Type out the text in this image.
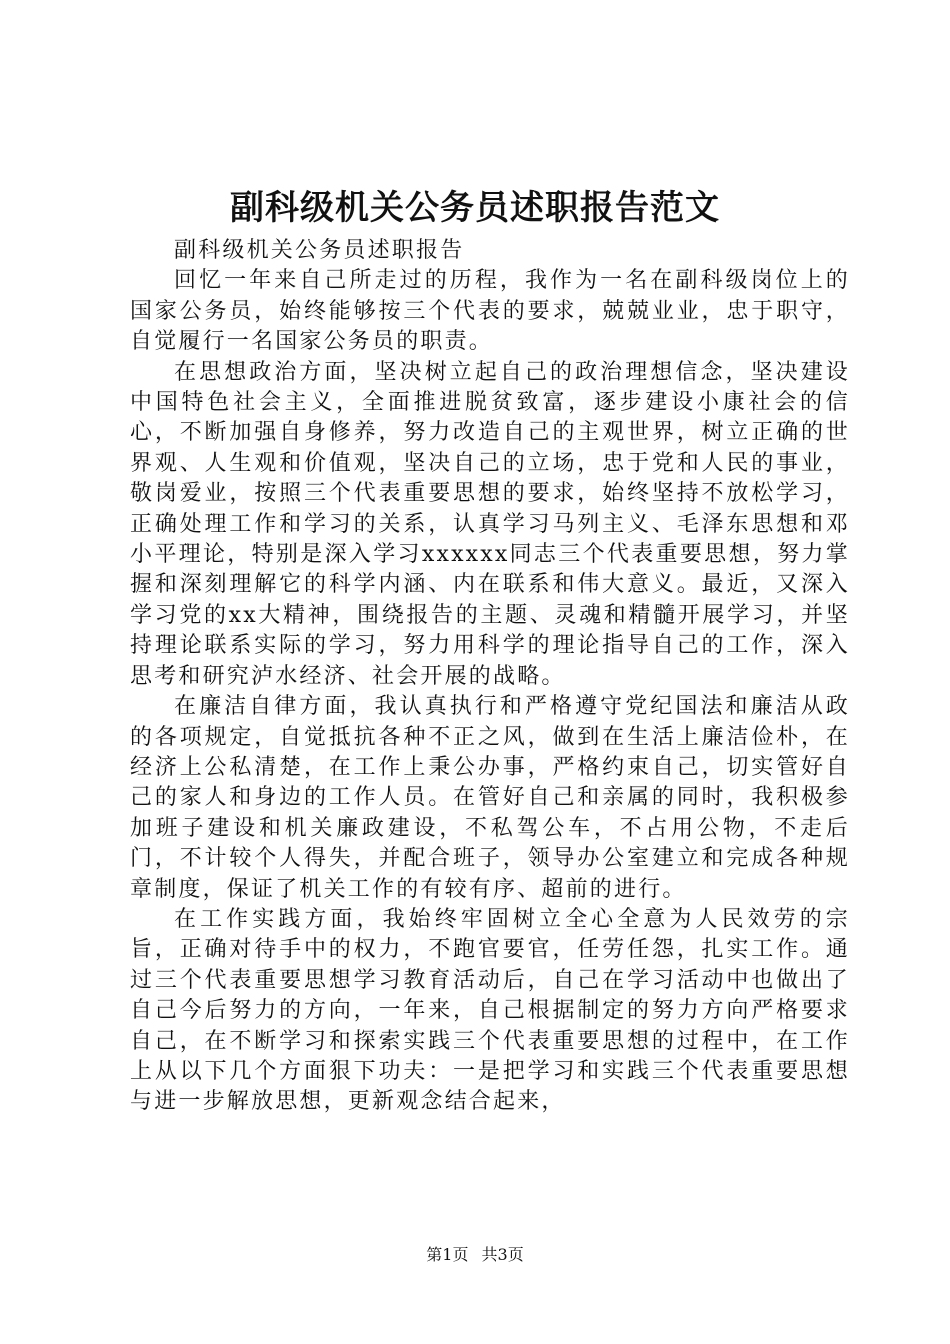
副科级机关公务员述职报告范文

副科级机关公务员述职报告

回忆一年来自己所走过的历程，我作为一名在副科级岗位上的国家公务员，始终能够按三个代表的要求，兢兢业业，忠于职守，自觉履行一名国家公务员的职责。

在思想政治方面，坚决树立起自己的政治理想信念，坚决建设中国特色社会主义，全面推进脱贫致富，逐步建设小康社会的信心，不断加强自身修养，努力改造自己的主观世界，树立正确的世界观、人生观和价值观，坚决自己的立场，忠于党和人民的事业，敬岗爱业，按照三个代表重要思想的要求，始终坚持不放松学习，正确处理工作和学习的关系，认真学习马列主义、毛泽东思想和邓小平理论，特别是深入学习xxxxxx同志三个代表重要思想，努力掌握和深刻理解它的科学内涵、内在联系和伟大意义。最近，又深入学习党的xx大精神，围绕报告的主题、灵魂和精髓开展学习，并坚持理论联系实际的学习，努力用科学的理论指导自己的工作，深入思考和研究泸水经济、社会开展的战略。

在廉洁自律方面，我认真执行和严格遵守党纪国法和廉洁从政的各项规定，自觉抵抗各种不正之风，做到在生活上廉洁俭朴，在经济上公私清楚，在工作上秉公办事，严格约束自己，切实管好自己的家人和身边的工作人员。在管好自己和亲属的同时，我积极参加班子建设和机关廉政建设，不私驾公车，不占用公物，不走后门，不计较个人得失，并配合班子，领导办公室建立和完成各种规章制度，保证了机关工作的有较有序、超前的进行。

在工作实践方面，我始终牢固树立全心全意为人民效劳的宗旨，正确对待手中的权力，不跑官要官，任劳任怨，扎实工作。通过三个代表重要思想学习教育活动后，自己在学习活动中也做出了自己今后努力的方向，一年来，自己根据制定的努力方向严格要求自己，在不断学习和探索实践三个代表重要思想的过程中，在工作上从以下几个方面狠下功夫：一是把学习和实践三个代表重要思想与进一步解放思想，更新观念结合起来，

第1页 共3页
